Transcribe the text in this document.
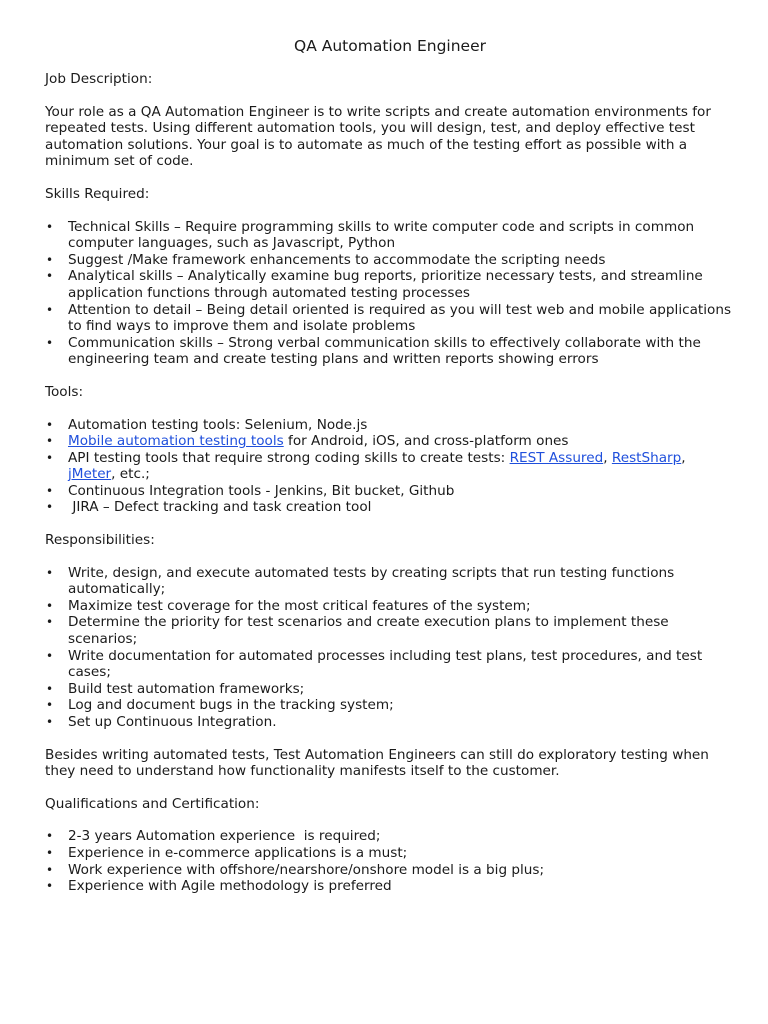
QA Automation Engineer
Job Description:

Your role as a QA Automation Engineer is to write scripts and create automation environments for repeated tests. Using different automation tools, you will design, test, and deploy effective test automation solutions. Your goal is to automate as much of the testing effort as possible with a minimum set of code.

Skills Required:
• Technical Skills – Require programming skills to write computer code and scripts in common computer languages, such as Javascript, Python
• Suggest /Make framework enhancements to accommodate the scripting needs
• Analytical skills – Analytically examine bug reports, prioritize necessary tests, and streamline application functions through automated testing processes
• Attention to detail – Being detail oriented is required as you will test web and mobile applications to find ways to improve them and isolate problems
• Communication skills – Strong verbal communication skills to effectively collaborate with the engineering team and create testing plans and written reports showing errors
Tools:
• Automation testing tools: Selenium, Node.js
• Mobile automation testing tools for Android, iOS, and cross-platform ones
• API testing tools that require strong coding skills to create tests: REST Assured, RestSharp, jMeter, etc.;
• Continuous Integration tools - Jenkins, Bit bucket, Github
• JIRA – Defect tracking and task creation tool
Responsibilities:
• Write, design, and execute automated tests by creating scripts that run testing functions automatically;
• Maximize test coverage for the most critical features of the system;
• Determine the priority for test scenarios and create execution plans to implement these scenarios;
• Write documentation for automated processes including test plans, test procedures, and test cases;
• Build test automation frameworks;
• Log and document bugs in the tracking system;
• Set up Continuous Integration.

Besides writing automated tests, Test Automation Engineers can still do exploratory testing when they need to understand how functionality manifests itself to the customer.

Qualifications and Certification:
• 2-3 years Automation experience  is required;
• Experience in e-commerce applications is a must;
• Work experience with offshore/nearshore/onshore model is a big plus;
• Experience with Agile methodology is preferred
